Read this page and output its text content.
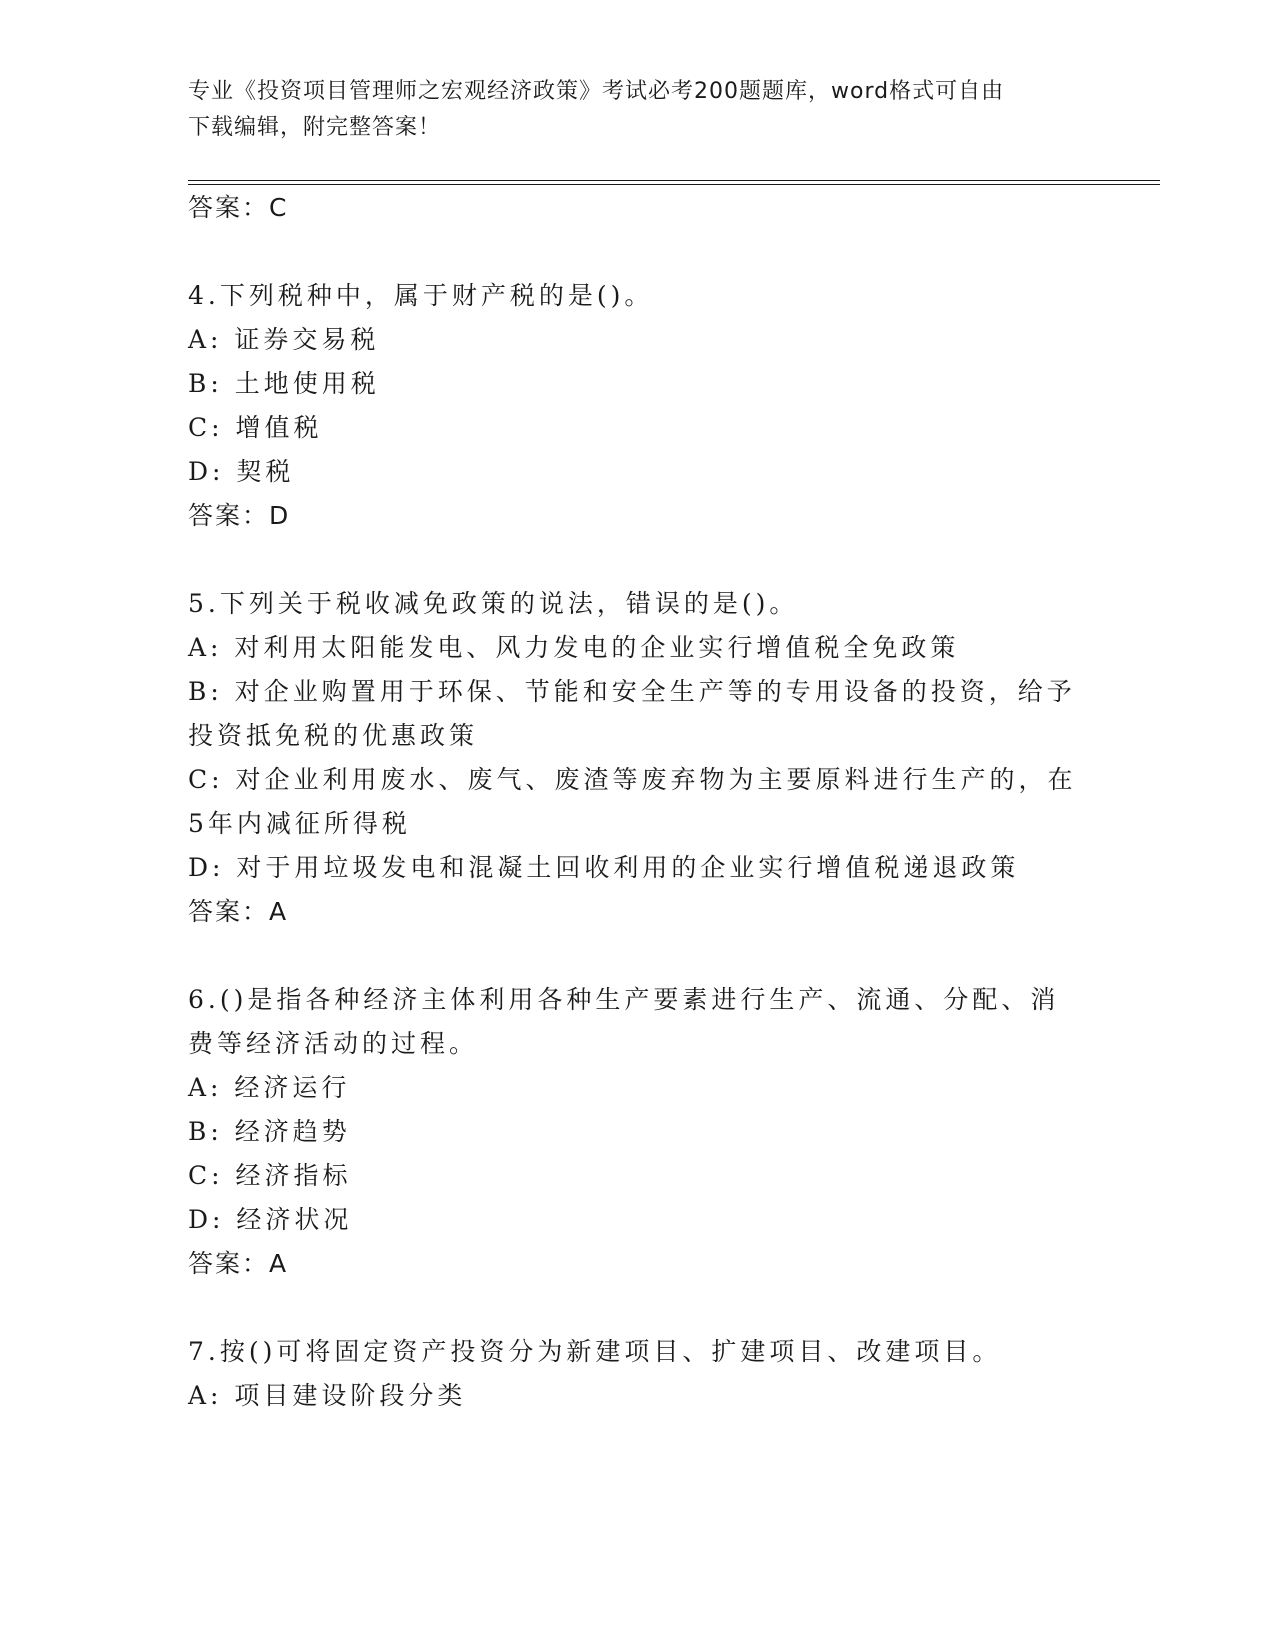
专业《投资项目管理师之宏观经济政策》考试必考200题题库，word格式可自由
下载编辑，附完整答案！
答案：C
4.下列税种中，属于财产税的是()。
A: 证券交易税
B: 土地使用税
C: 增值税
D: 契税
答案：D
5.下列关于税收减免政策的说法，错误的是()。
A: 对利用太阳能发电、风力发电的企业实行增值税全免政策
B: 对企业购置用于环保、节能和安全生产等的专用设备的投资，给予
投资抵免税的优惠政策
C: 对企业利用废水、废气、废渣等废弃物为主要原料进行生产的，在
5年内减征所得税
D: 对于用垃圾发电和混凝土回收利用的企业实行增值税递退政策
答案：A
6.()是指各种经济主体利用各种生产要素进行生产、流通、分配、消
费等经济活动的过程。
A: 经济运行
B: 经济趋势
C: 经济指标
D: 经济状况
答案：A
7.按()可将固定资产投资分为新建项目、扩建项目、改建项目。
A: 项目建设阶段分类
